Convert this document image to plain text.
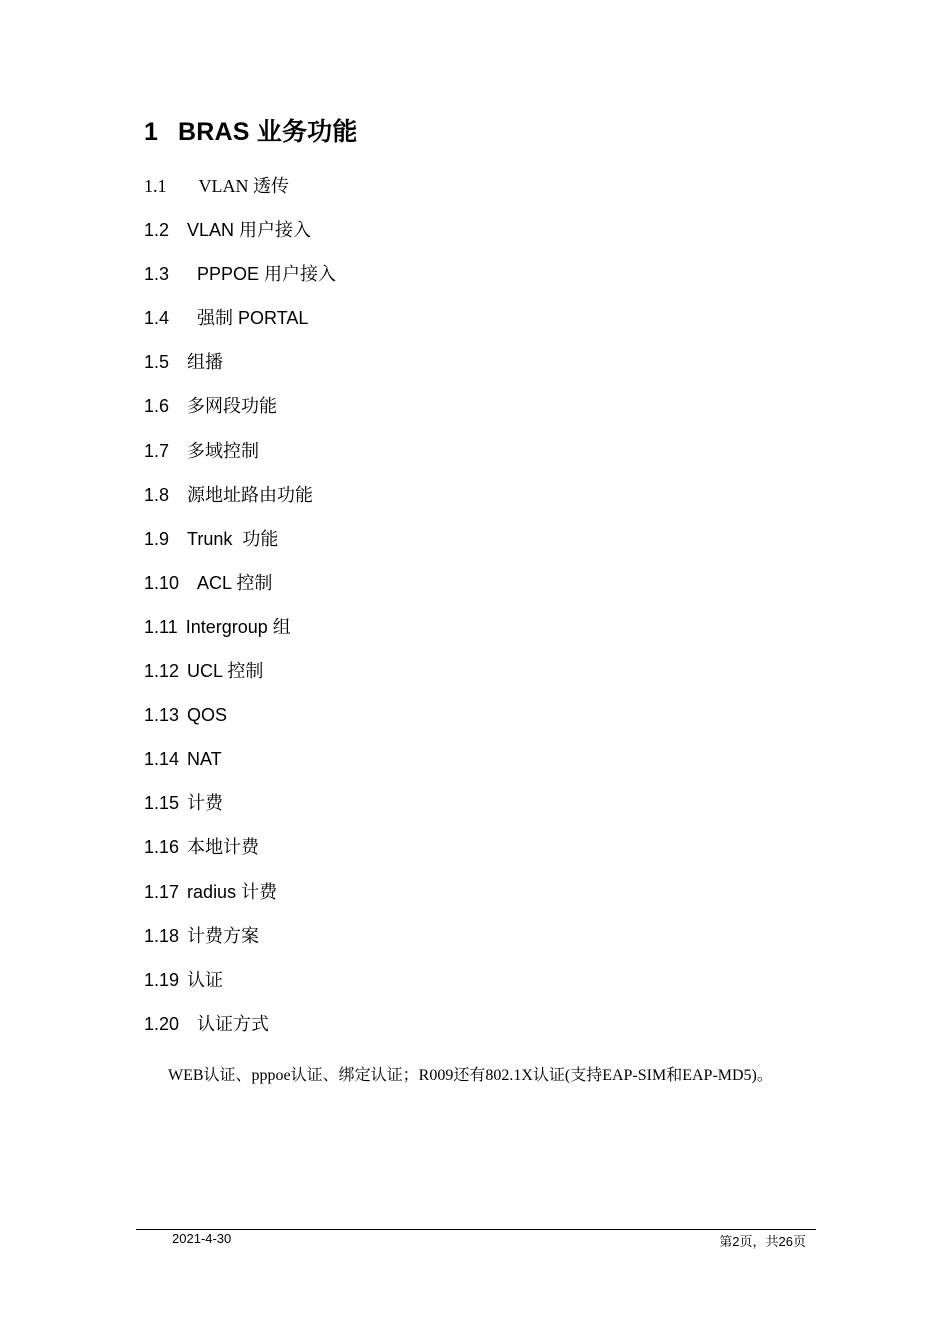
1 BRAS 业务功能
1.1 VLAN 透传
1.2 VLAN 用户接入
1.3 PPPOE 用户接入
1.4 强制 PORTAL
1.5 组播
1.6 多网段功能
1.7 多域控制
1.8 源地址路由功能
1.9 Trunk  功能
1.10 ACL 控制
1.11 Intergroup 组
1.12 UCL 控制
1.13 QOS
1.14 NAT
1.15 计费
1.16 本地计费
1.17 radius 计费
1.18 计费方案
1.19 认证
1.20 认证方式
WEB认证、pppoe认证、绑定认证；R009还有802.1X认证(支持EAP-SIM和EAP-MD5)。
2021-4-30	第2页，共26页
